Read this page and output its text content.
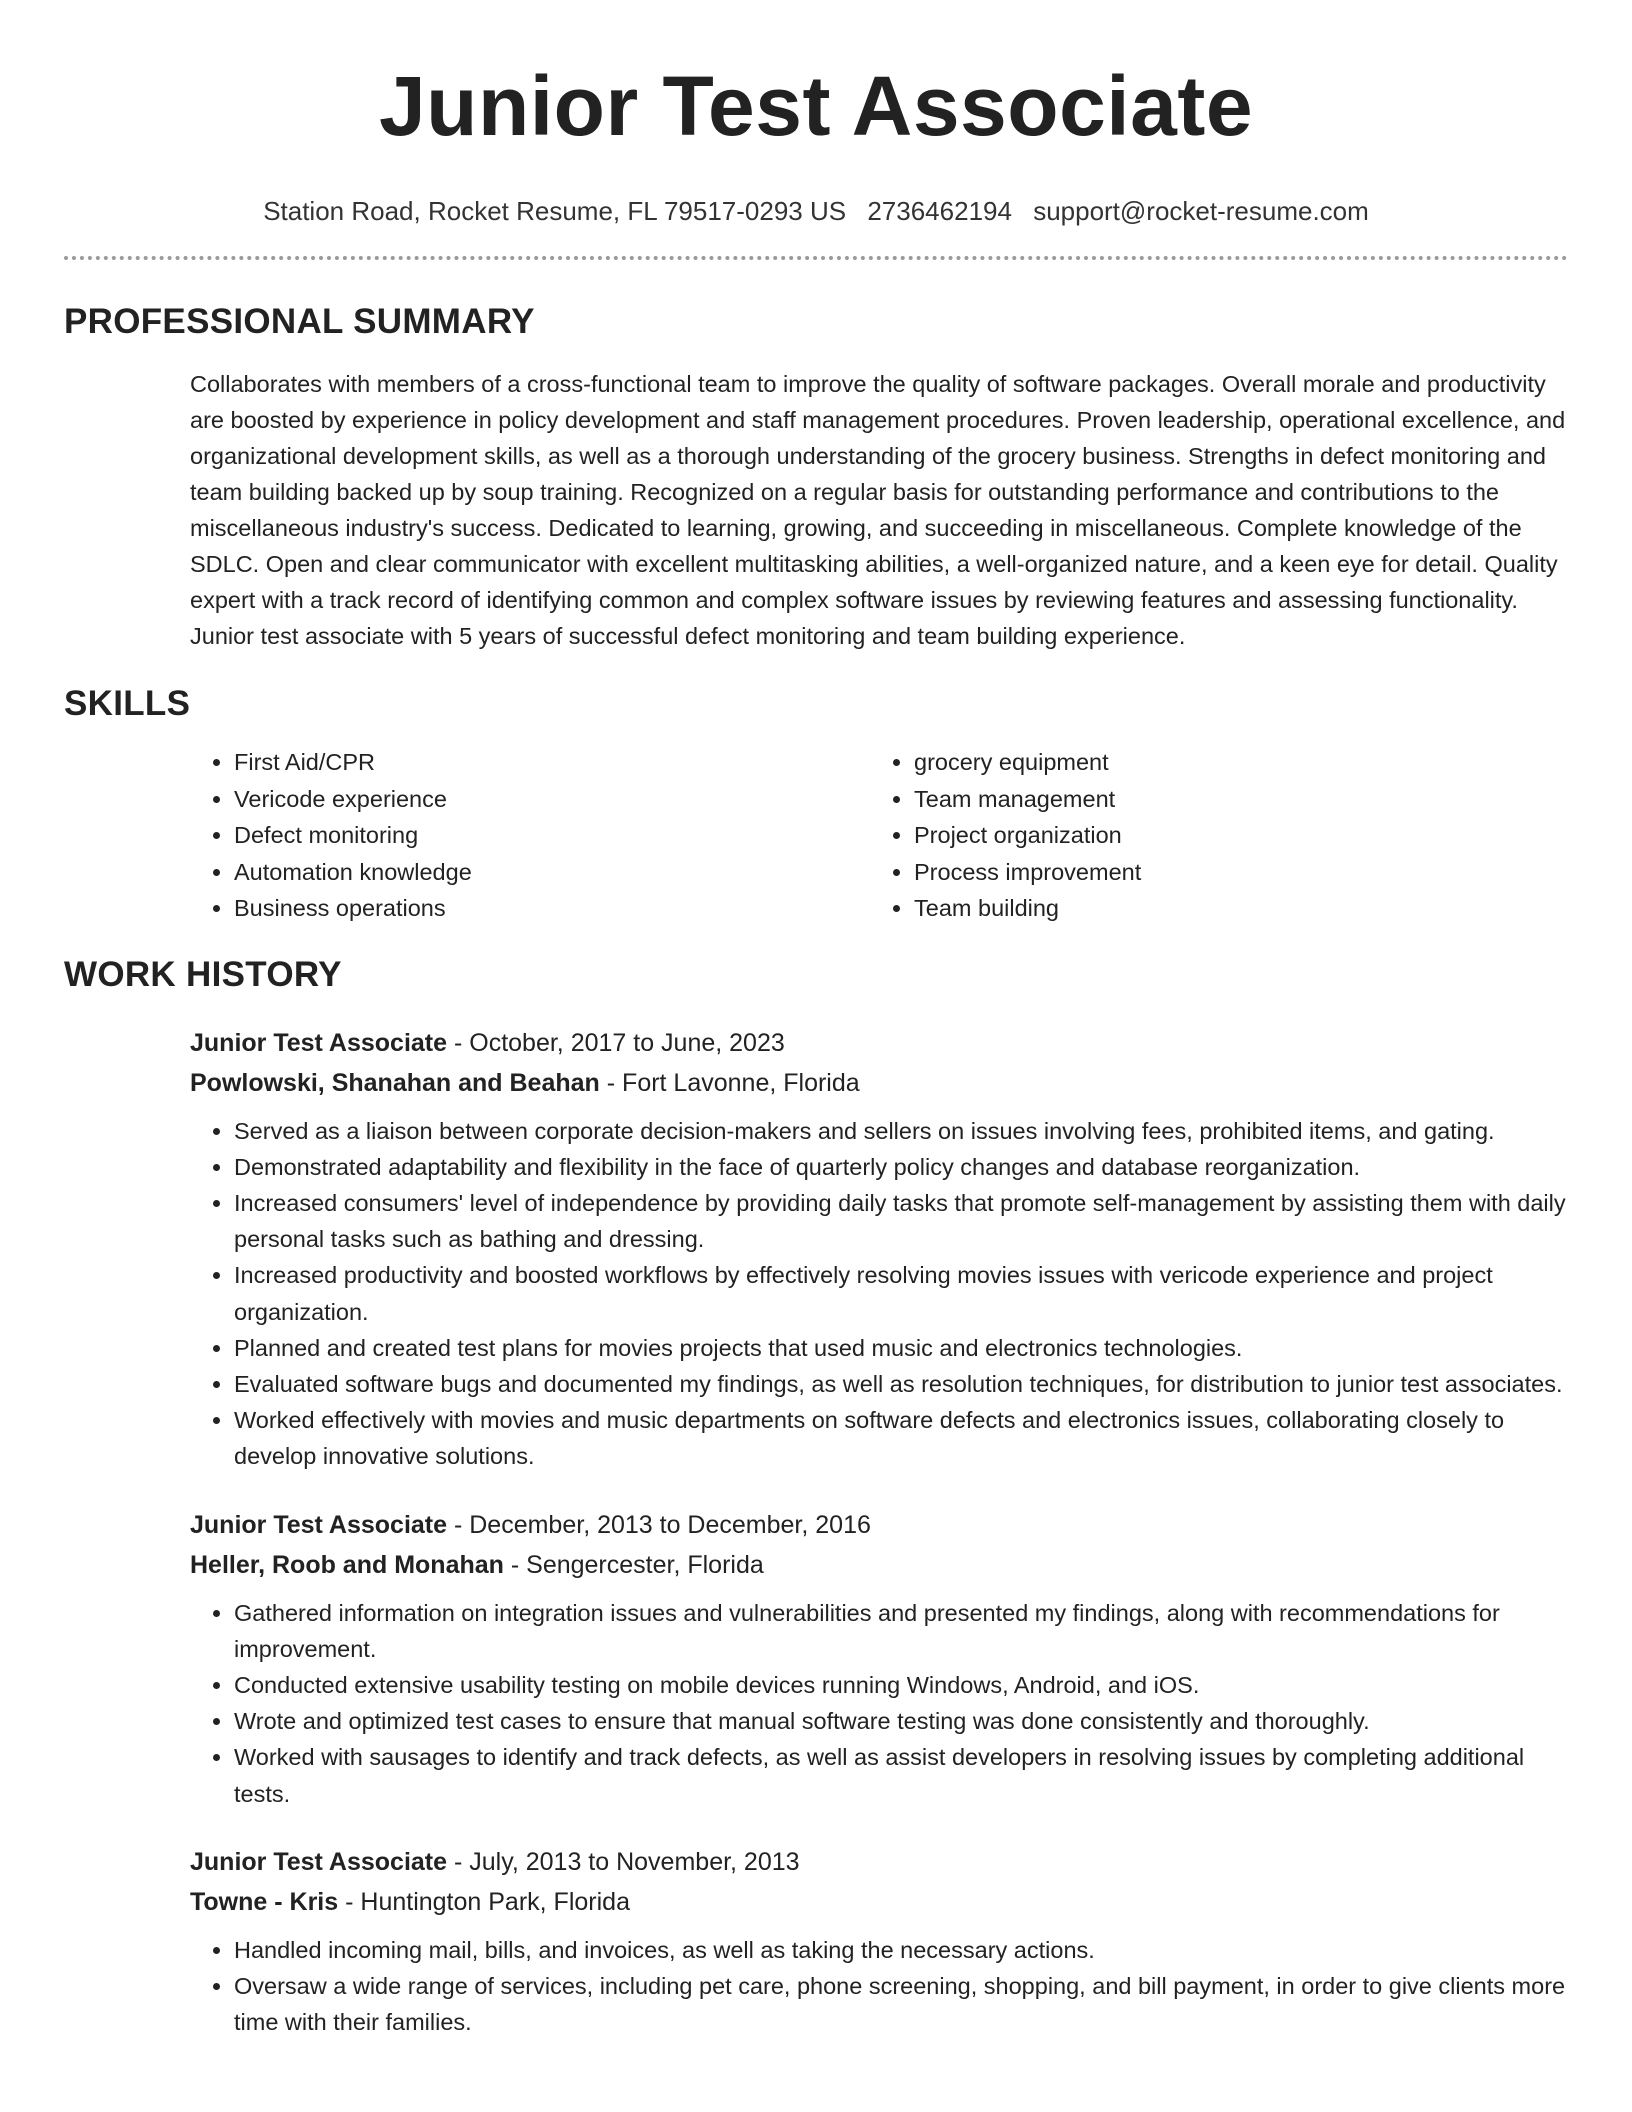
Junior Test Associate
Station Road, Rocket Resume, FL 79517-0293 US 2736462194 support@rocket-resume.com
PROFESSIONAL SUMMARY
Collaborates with members of a cross-functional team to improve the quality of software packages. Overall morale and productivity are boosted by experience in policy development and staff management procedures. Proven leadership, operational excellence, and organizational development skills, as well as a thorough understanding of the grocery business. Strengths in defect monitoring and team building backed up by soup training. Recognized on a regular basis for outstanding performance and contributions to the miscellaneous industry's success. Dedicated to learning, growing, and succeeding in miscellaneous. Complete knowledge of the SDLC. Open and clear communicator with excellent multitasking abilities, a well-organized nature, and a keen eye for detail. Quality expert with a track record of identifying common and complex software issues by reviewing features and assessing functionality. Junior test associate with 5 years of successful defect monitoring and team building experience.
SKILLS
• First Aid/CPR
• Vericode experience
• Defect monitoring
• Automation knowledge
• Business operations
• grocery equipment
• Team management
• Project organization
• Process improvement
• Team building
WORK HISTORY
Junior Test Associate - October, 2017 to June, 2023
Powlowski, Shanahan and Beahan - Fort Lavonne, Florida
• Served as a liaison between corporate decision-makers and sellers on issues involving fees, prohibited items, and gating.
• Demonstrated adaptability and flexibility in the face of quarterly policy changes and database reorganization.
• Increased consumers' level of independence by providing daily tasks that promote self-management by assisting them with daily personal tasks such as bathing and dressing.
• Increased productivity and boosted workflows by effectively resolving movies issues with vericode experience and project organization.
• Planned and created test plans for movies projects that used music and electronics technologies.
• Evaluated software bugs and documented my findings, as well as resolution techniques, for distribution to junior test associates.
• Worked effectively with movies and music departments on software defects and electronics issues, collaborating closely to develop innovative solutions.
Junior Test Associate - December, 2013 to December, 2016
Heller, Roob and Monahan - Sengercester, Florida
• Gathered information on integration issues and vulnerabilities and presented my findings, along with recommendations for improvement.
• Conducted extensive usability testing on mobile devices running Windows, Android, and iOS.
• Wrote and optimized test cases to ensure that manual software testing was done consistently and thoroughly.
• Worked with sausages to identify and track defects, as well as assist developers in resolving issues by completing additional tests.
Junior Test Associate - July, 2013 to November, 2013
Towne - Kris - Huntington Park, Florida
• Handled incoming mail, bills, and invoices, as well as taking the necessary actions.
• Oversaw a wide range of services, including pet care, phone screening, shopping, and bill payment, in order to give clients more time with their families.
